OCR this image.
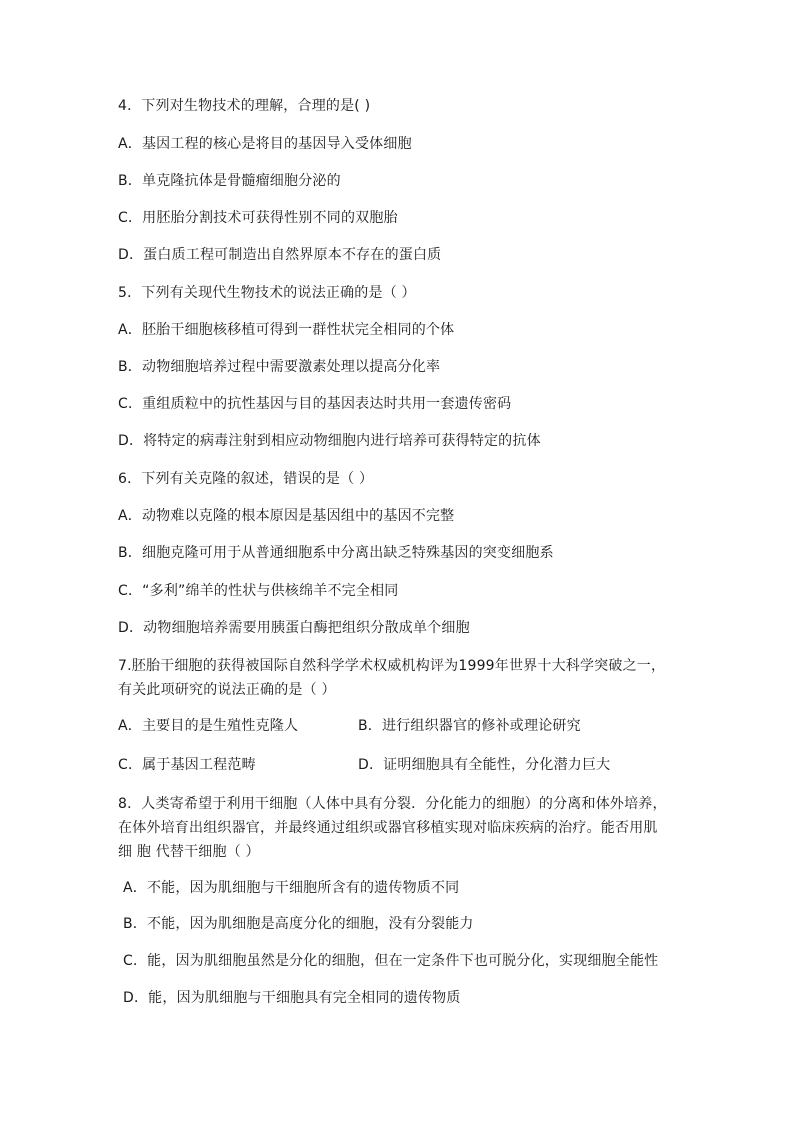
4．下列对生物技术的理解，合理的是( )
A．基因工程的核心是将目的基因导入受体细胞
B．单克隆抗体是骨髓瘤细胞分泌的
C．用胚胎分割技术可获得性别不同的双胞胎
D．蛋白质工程可制造出自然界原本不存在的蛋白质
5．下列有关现代生物技术的说法正确的是（ ）
A．胚胎干细胞核移植可得到一群性状完全相同的个体
B．动物细胞培养过程中需要激素处理以提高分化率
C．重组质粒中的抗性基因与目的基因表达时共用一套遗传密码
D．将特定的病毒注射到相应动物细胞内进行培养可获得特定的抗体
6．下列有关克隆的叙述，错误的是（ ）
A．动物难以克隆的根本原因是基因组中的基因不完整
B．细胞克隆可用于从普通细胞系中分离出缺乏特殊基因的突变细胞系
C．“多利”绵羊的性状与供核绵羊不完全相同
D．动物细胞培养需要用胰蛋白酶把组织分散成单个细胞
7.胚胎干细胞的获得被国际自然科学学术权威机构评为1999年世界十大科学突破之一，
有关此项研究的说法正确的是（ ）
A．主要目的是生殖性克隆人	B．进行组织器官的修补或理论研究
C．属于基因工程范畴	D．证明细胞具有全能性，分化潜力巨大
8．人类寄希望于利用干细胞（人体中具有分裂．分化能力的细胞）的分离和体外培养，
在体外培育出组织器官，并最终通过组织或器官移植实现对临床疾病的治疗。能否用肌
细 胞 代替干细胞（ ）
A．不能，因为肌细胞与干细胞所含有的遗传物质不同
B．不能，因为肌细胞是高度分化的细胞，没有分裂能力
C．能，因为肌细胞虽然是分化的细胞，但在一定条件下也可脱分化，实现细胞全能性
D．能，因为肌细胞与干细胞具有完全相同的遗传物质
